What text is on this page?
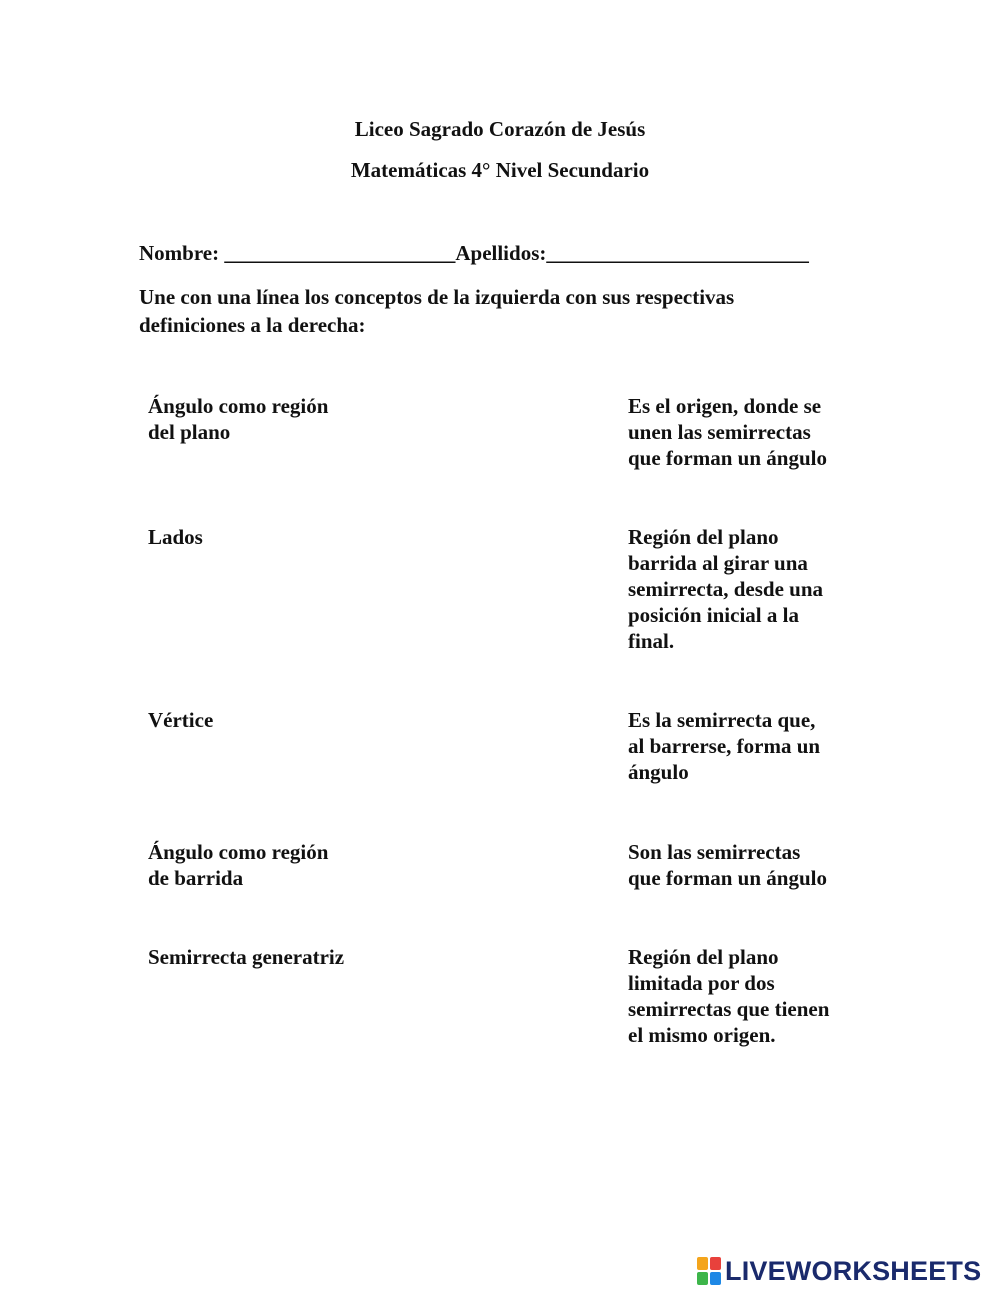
Liceo Sagrado Corazón de Jesús
Matemáticas 4° Nivel Secundario
Nombre: ______________________Apellidos:_________________________
Une con una línea los conceptos de la izquierda con sus respectivas
definiciones a la derecha:
Ángulo como región
del plano
Lados
Vértice
Ángulo como región
de barrida
Semirrecta generatriz
Es el origen, donde se
unen las semirrectas
que forman un ángulo
Región del plano
barrida al girar una
semirrecta, desde una
posición inicial a la
final.
Es la semirrecta que,
al barrerse, forma un
ángulo
Son las semirrectas
que forman un ángulo
Región del plano
limitada por dos
semirrectas que tienen
el mismo origen.
LIVEWORKSHEETS
